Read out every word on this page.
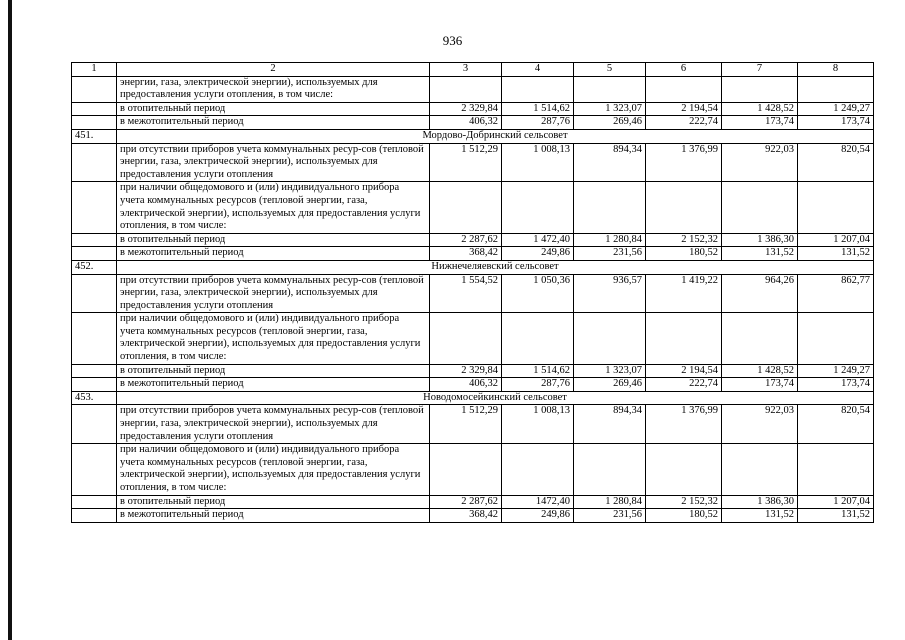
936
1	2	3	4	5	6	7	8
	энергии, газа, электрической энергии), используемых для предоставления услуги отопления, в том числе:						
	в отопительный период	2 329,84	1 514,62	1 323,07	2 194,54	1 428,52	1 249,27
	в межотопительный период	406,32	287,76	269,46	222,74	173,74	173,74
451.	Мордово-Добринский сельсовет						
	при отсутствии приборов учета коммунальных ресур-сов (тепловой энергии, газа, электрической энергии), используемых для предоставления услуги отопления	1 512,29	1 008,13	894,34	1 376,99	922,03	820,54
	при наличии общедомового и (или) индивидуального прибора учета коммунальных ресурсов (тепловой энергии, газа, электрической энергии), используемых для предоставления услуги отопления, в том числе:						
	в отопительный период	2 287,62	1 472,40	1 280,84	2 152,32	1 386,30	1 207,04
	в межотопительный период	368,42	249,86	231,56	180,52	131,52	131,52
452.	Нижнечеляевский сельсовет						
	при отсутствии приборов учета коммунальных ресур-сов (тепловой энергии, газа, электрической энергии), используемых для предоставления услуги отопления	1 554,52	1 050,36	936,57	1 419,22	964,26	862,77
	при наличии общедомового и (или) индивидуального прибора учета коммунальных ресурсов (тепловой энергии, газа, электрической энергии), используемых для предоставления услуги отопления, в том числе:						
	в отопительный период	2 329,84	1 514,62	1 323,07	2 194,54	1 428,52	1 249,27
	в межотопительный период	406,32	287,76	269,46	222,74	173,74	173,74
453.	Новодомосейкинский сельсовет						
	при отсутствии приборов учета коммунальных ресур-сов (тепловой энергии, газа, электрической энергии), используемых для предоставления услуги отопления	1 512,29	1 008,13	894,34	1 376,99	922,03	820,54
	при наличии общедомового и (или) индивидуального прибора учета коммунальных ресурсов (тепловой энергии, газа, электрической энергии), используемых для предоставления услуги отопления, в том числе:						
	в отопительный период	2 287,62	1472,40	1 280,84	2 152,32	1 386,30	1 207,04
	в межотопительный период	368,42	249,86	231,56	180,52	131,52	131,52
